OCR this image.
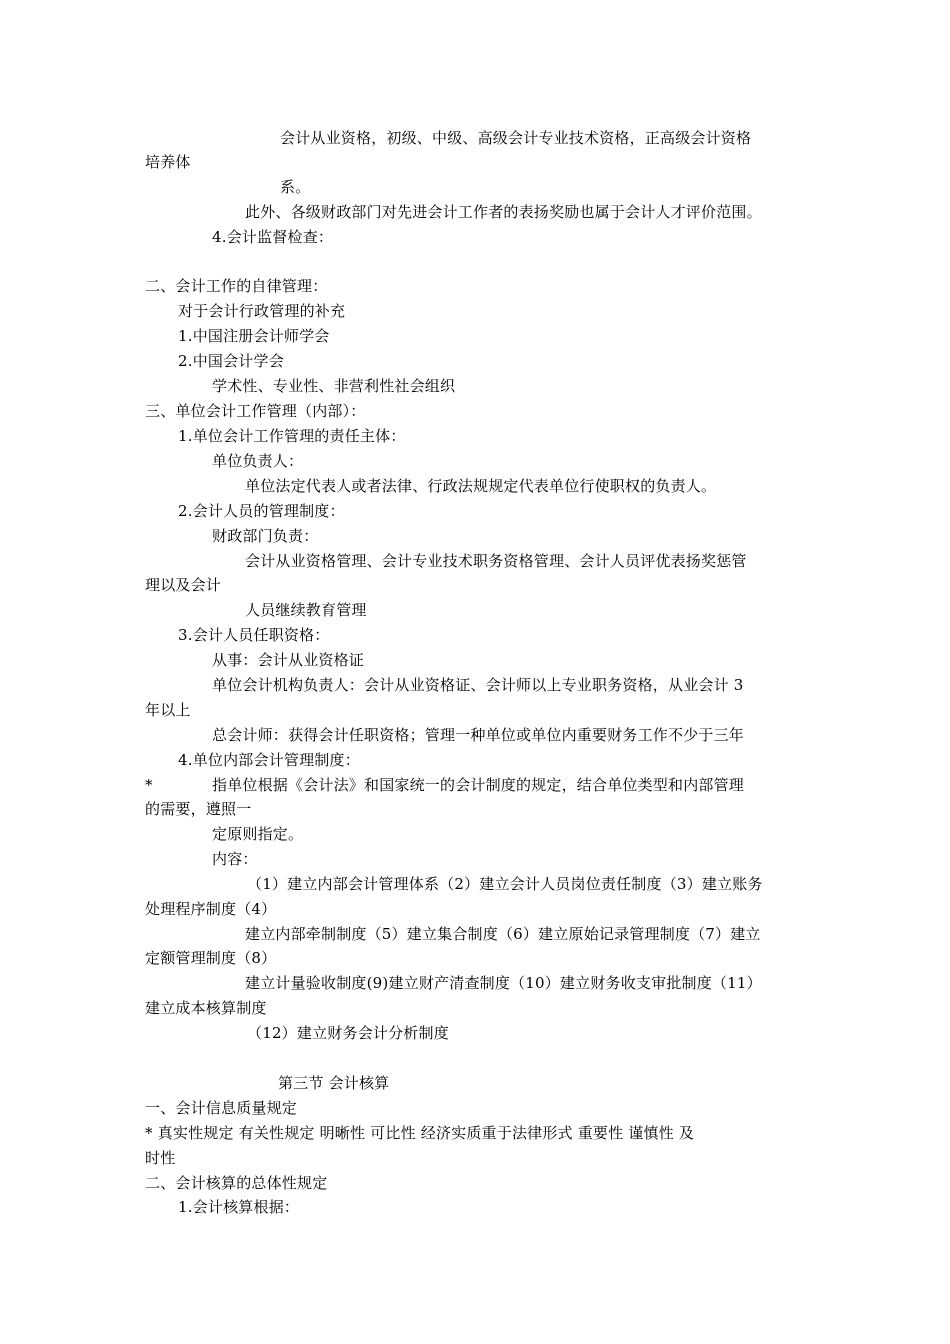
会计从业资格，初级、中级、高级会计专业技术资格，正高级会计资格
培养体
系。
此外、各级财政部门对先进会计工作者的表扬奖励也属于会计人才评价范围。
4.会计监督检查：
二、会计工作的自律管理：
对于会计行政管理的补充
1.中国注册会计师学会
2.中国会计学会
学术性、专业性、非营利性社会组织
三、单位会计工作管理（内部）：
1.单位会计工作管理的责任主体：
单位负责人：
单位法定代表人或者法律、行政法规规定代表单位行使职权的负责人。
2.会计人员的管理制度：
财政部门负责：
会计从业资格管理、会计专业技术职务资格管理、会计人员评优表扬奖惩管
理以及会计
人员继续教育管理
3.会计人员任职资格：
从事：会计从业资格证
单位会计机构负责人：会计从业资格证、会计师以上专业职务资格，从业会计 3
年以上
总会计师：获得会计任职资格；管理一种单位或单位内重要财务工作不少于三年
4.单位内部会计管理制度：
*	指单位根据《会计法》和国家统一的会计制度的规定，结合单位类型和内部管理
的需要，遵照一
定原则指定。
内容：
（1）建立内部会计管理体系（2）建立会计人员岗位责任制度（3）建立账务
处理程序制度（4）
建立内部牵制制度（5）建立集合制度（6）建立原始记录管理制度（7）建立
定额管理制度（8）
建立计量验收制度(9)建立财产清查制度（10）建立财务收支审批制度（11）
建立成本核算制度
（12）建立财务会计分析制度
第三节 会计核算
一、会计信息质量规定
* 真实性规定 有关性规定 明晰性 可比性 经济实质重于法律形式 重要性 谨慎性 及
时性
二、会计核算的总体性规定
1.会计核算根据：
